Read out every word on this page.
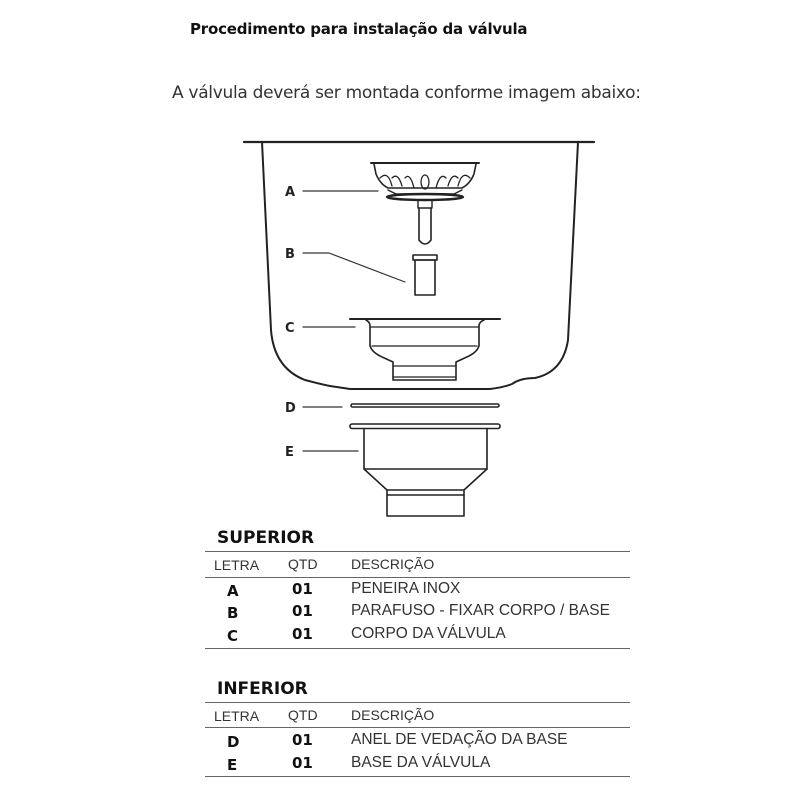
Procedimento para instalação da válvula
A válvula deverá ser montada conforme imagem abaixo:
A
B
C
D
E
SUPERIOR
LETRA QTD DESCRIÇÃO
A	01 PENEIRA INOX
B	01 PARAFUSO - FIXAR CORPO / BASE
C	01 CORPO DA VÁLVULA
INFERIOR
LETRA QTD DESCRIÇÃO
D	01 ANEL DE VEDAÇÃO DA BASE
E	01 BASE DA VÁLVULA
